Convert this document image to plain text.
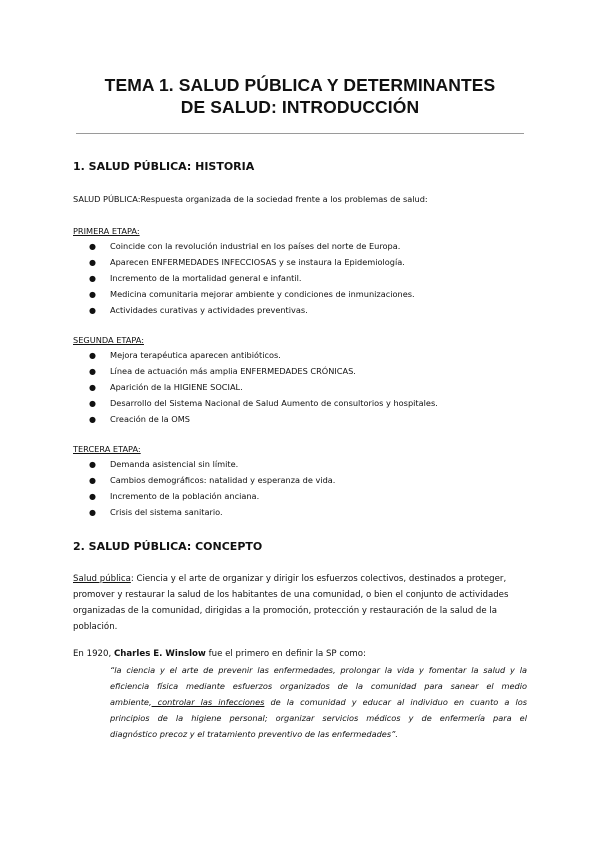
TEMA 1. SALUD PÚBLICA Y DETERMINANTES
DE SALUD: INTRODUCCIÓN
1. SALUD PÚBLICA: HISTORIA
SALUD PÚBLICA:Respuesta organizada de la sociedad frente a los problemas de salud:
PRIMERA ETAPA:
● Coincide con la revolución industrial en los países del norte de Europa.
● Aparecen ENFERMEDADES INFECCIOSAS y se instaura la Epidemiología.
● Incremento de la mortalidad general e infantil.
● Medicina comunitaria mejorar ambiente y condiciones de inmunizaciones.
● Actividades curativas y actividades preventivas.
SEGUNDA ETAPA:
● Mejora terapéutica aparecen antibióticos.
● Línea de actuación más amplia ENFERMEDADES CRÓNICAS.
● Aparición de la HIGIENE SOCIAL.
● Desarrollo del Sistema Nacional de Salud Aumento de consultorios y hospitales.
● Creación de la OMS
TERCERA ETAPA:
● Demanda asistencial sin límite.
● Cambios demográficos: natalidad y esperanza de vida.
● Incremento de la población anciana.
● Crisis del sistema sanitario.
2. SALUD PÚBLICA: CONCEPTO
Salud pública: Ciencia y el arte de organizar y dirigir los esfuerzos colectivos, destinados a proteger,
promover y restaurar la salud de los habitantes de una comunidad, o bien el conjunto de actividades
organizadas de la comunidad, dirigidas a la promoción, protección y restauración de la salud de la
población.
En 1920, Charles E. Winslow fue el primero en definir la SP como:
“la ciencia y el arte de prevenir las enfermedades, prolongar la vida y fomentar la salud y la
eficiencia física mediante esfuerzos organizados de la comunidad para sanear el medio
ambiente, controlar las infecciones de la comunidad y educar al individuo en cuanto a los
principios de la higiene personal; organizar servicios médicos y de enfermería para el
diagnóstico precoz y el tratamiento preventivo de las enfermedades”.
